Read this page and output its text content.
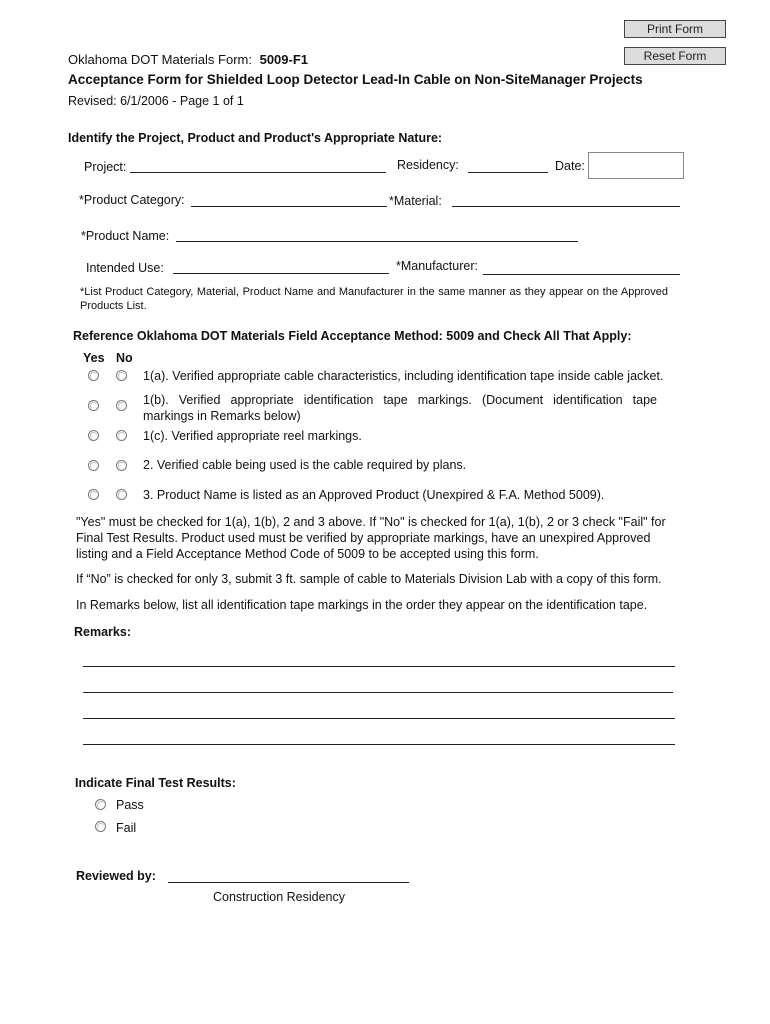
Print Form
Reset Form
Oklahoma DOT Materials Form: 5009-F1
Acceptance Form for Shielded Loop Detector Lead-In Cable on Non-SiteManager Projects
Revised: 6/1/2006 - Page 1 of 1
Identify the Project, Product and Product's Appropriate Nature:
Project:	Residency:	Date:
*Product Category:	*Material:
*Product Name:
Intended Use:	*Manufacturer:
*List Product Category, Material, Product Name and Manufacturer in the same manner as they appear on the Approved Products List.
Reference Oklahoma DOT Materials Field Acceptance Method: 5009 and Check All That Apply:
Yes No
1(a). Verified appropriate cable characteristics, including identification tape inside cable jacket.
1(b). Verified appropriate identification tape markings. (Document identification tape markings in Remarks below)
1(c). Verified appropriate reel markings.
2. Verified cable being used is the cable required by plans.
3. Product Name is listed as an Approved Product (Unexpired & F.A. Method 5009).
"Yes" must be checked for 1(a), 1(b), 2 and 3 above. If "No" is checked for 1(a), 1(b), 2 or 3 check "Fail" for Final Test Results. Product used must be verified by appropriate markings, have an unexpired Approved listing and a Field Acceptance Method Code of 5009 to be accepted using this form.
If “No” is checked for only 3, submit 3 ft. sample of cable to Materials Division Lab with a copy of this form.
In Remarks below, list all identification tape markings in the order they appear on the identification tape.
Remarks:
Indicate Final Test Results:
Pass
Fail
Reviewed by:
Construction Residency
